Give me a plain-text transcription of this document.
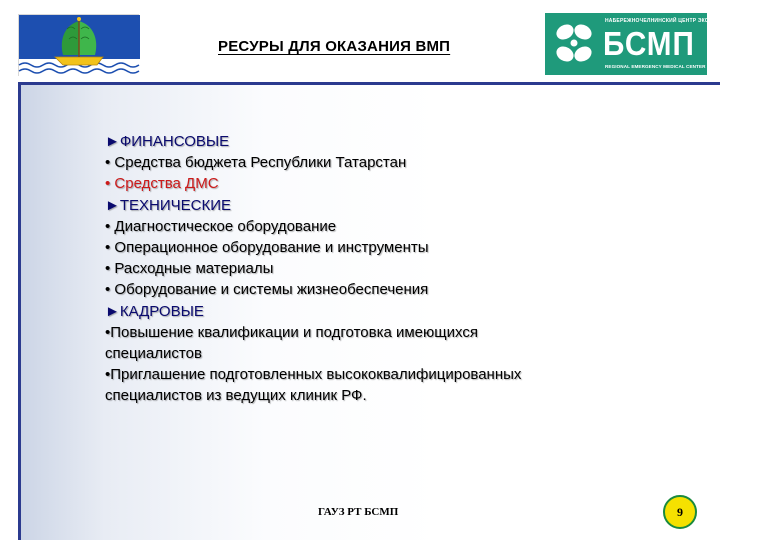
РЕСУРЫ ДЛЯ ОКАЗАНИЯ ВМП
НАБЕРЕЖНОЧЕЛНИНСКИЙ ЦЕНТР ЭКСТРЕННОЙ ПОМОЩИ
БСМП
REGIONAL EMERGENCY MEDICAL CENTER
►ФИНАНСОВЫЕ
• Средства бюджета Республики Татарстан
• Средства ДМС
►ТЕХНИЧЕСКИЕ
• Диагностическое оборудование
• Операционное оборудование и инструменты
• Расходные материалы
• Оборудование и системы жизнеобеспечения
►КАДРОВЫЕ
•Повышение квалификации и подготовка имеющихся специалистов
•Приглашение подготовленных высококвалифицированных специалистов из ведущих клиник РФ.
ГАУЗ РТ БСМП	9
